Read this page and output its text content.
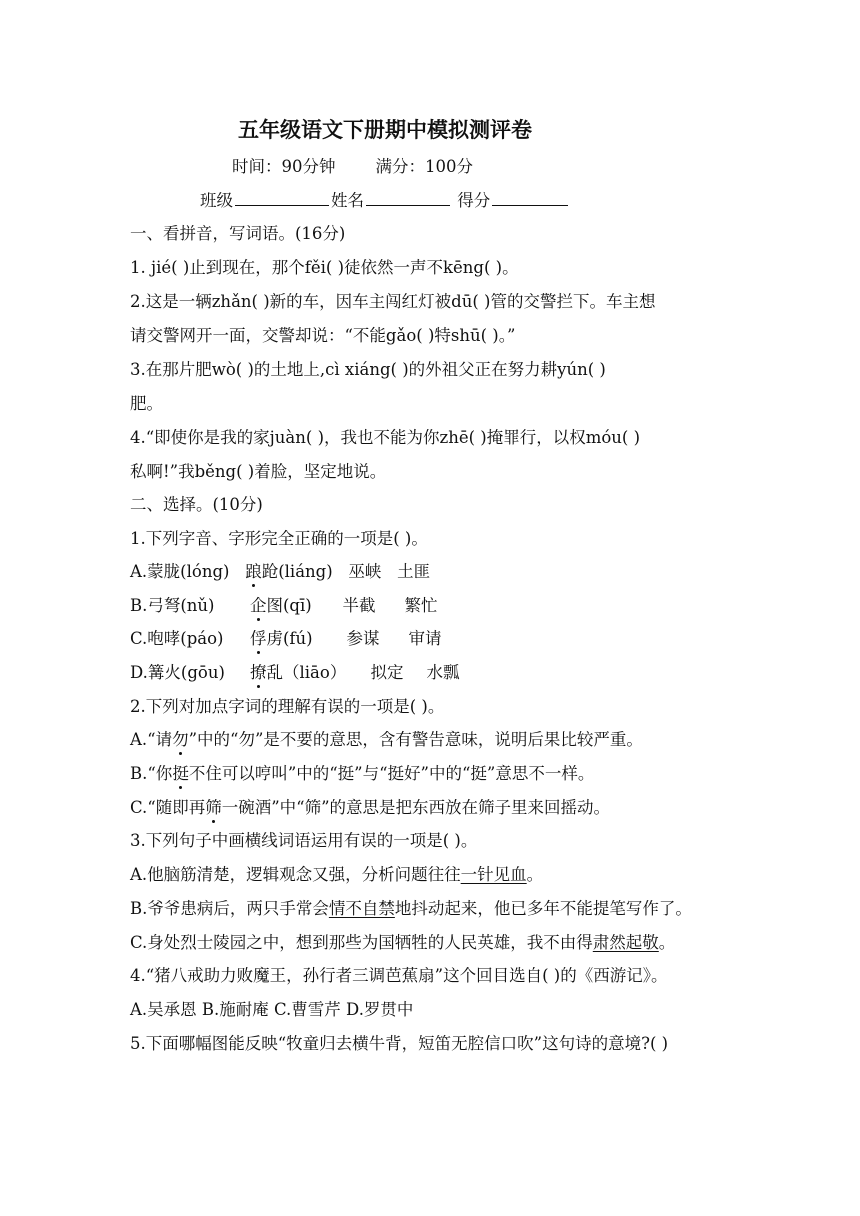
五年级语文下册期中模拟测评卷
时间：90分钟 满分：100分
班级	姓名	得分
一、看拼音，写词语。(16分)
1. jié( )止到现在，那个fěi( )徒依然一声不kēng( )。
2.这是一辆zhǎn( )新的车，因车主闯红灯被dū( )管的交警拦下。车主想
请交警网开一面，交警却说：“不能gǎo( )特shū( )。”
3.在那片肥wò( )的土地上,cì xiáng( )的外祖父正在努力耕yún( )
肥。
4.“即使你是我的家juàn( )，我也不能为你zhē( )掩罪行，以权móu( )
私啊!”我běng( )着脸，坚定地说。
二、选择。(10分)
1.下列字音、字形完全正确的一项是( )。
A.蒙胧(lóng) 踉跄(liáng) 巫峡 土匪
B.弓弩(nǔ) 企图(qī) 半截 繁忙
C.咆哮(páo) 俘虏(fú) 参谋 审请
D.篝火(gōu) 撩乱（liāo） 拟定 水瓢
2.下列对加点字词的理解有误的一项是( )。
A.“请勿”中的“勿”是不要的意思，含有警告意味，说明后果比较严重。
B.“你挺不住可以哼叫”中的“挺”与“挺好”中的“挺”意思不一样。
C.“随即再筛一碗酒”中“筛”的意思是把东西放在筛子里来回摇动。
3.下列句子中画横线词语运用有误的一项是( )。
A.他脑筋清楚，逻辑观念又强，分析问题往往一针见血。
B.爷爷患病后，两只手常会情不自禁地抖动起来，他已多年不能提笔写作了。
C.身处烈士陵园之中，想到那些为国牺牲的人民英雄，我不由得肃然起敬。
4.“猪八戒助力败魔王，孙行者三调芭蕉扇”这个回目选自( )的《西游记》。
A.吴承恩 B.施耐庵 C.曹雪芹 D.罗贯中
5.下面哪幅图能反映“牧童归去横牛背，短笛无腔信口吹”这句诗的意境?( )
